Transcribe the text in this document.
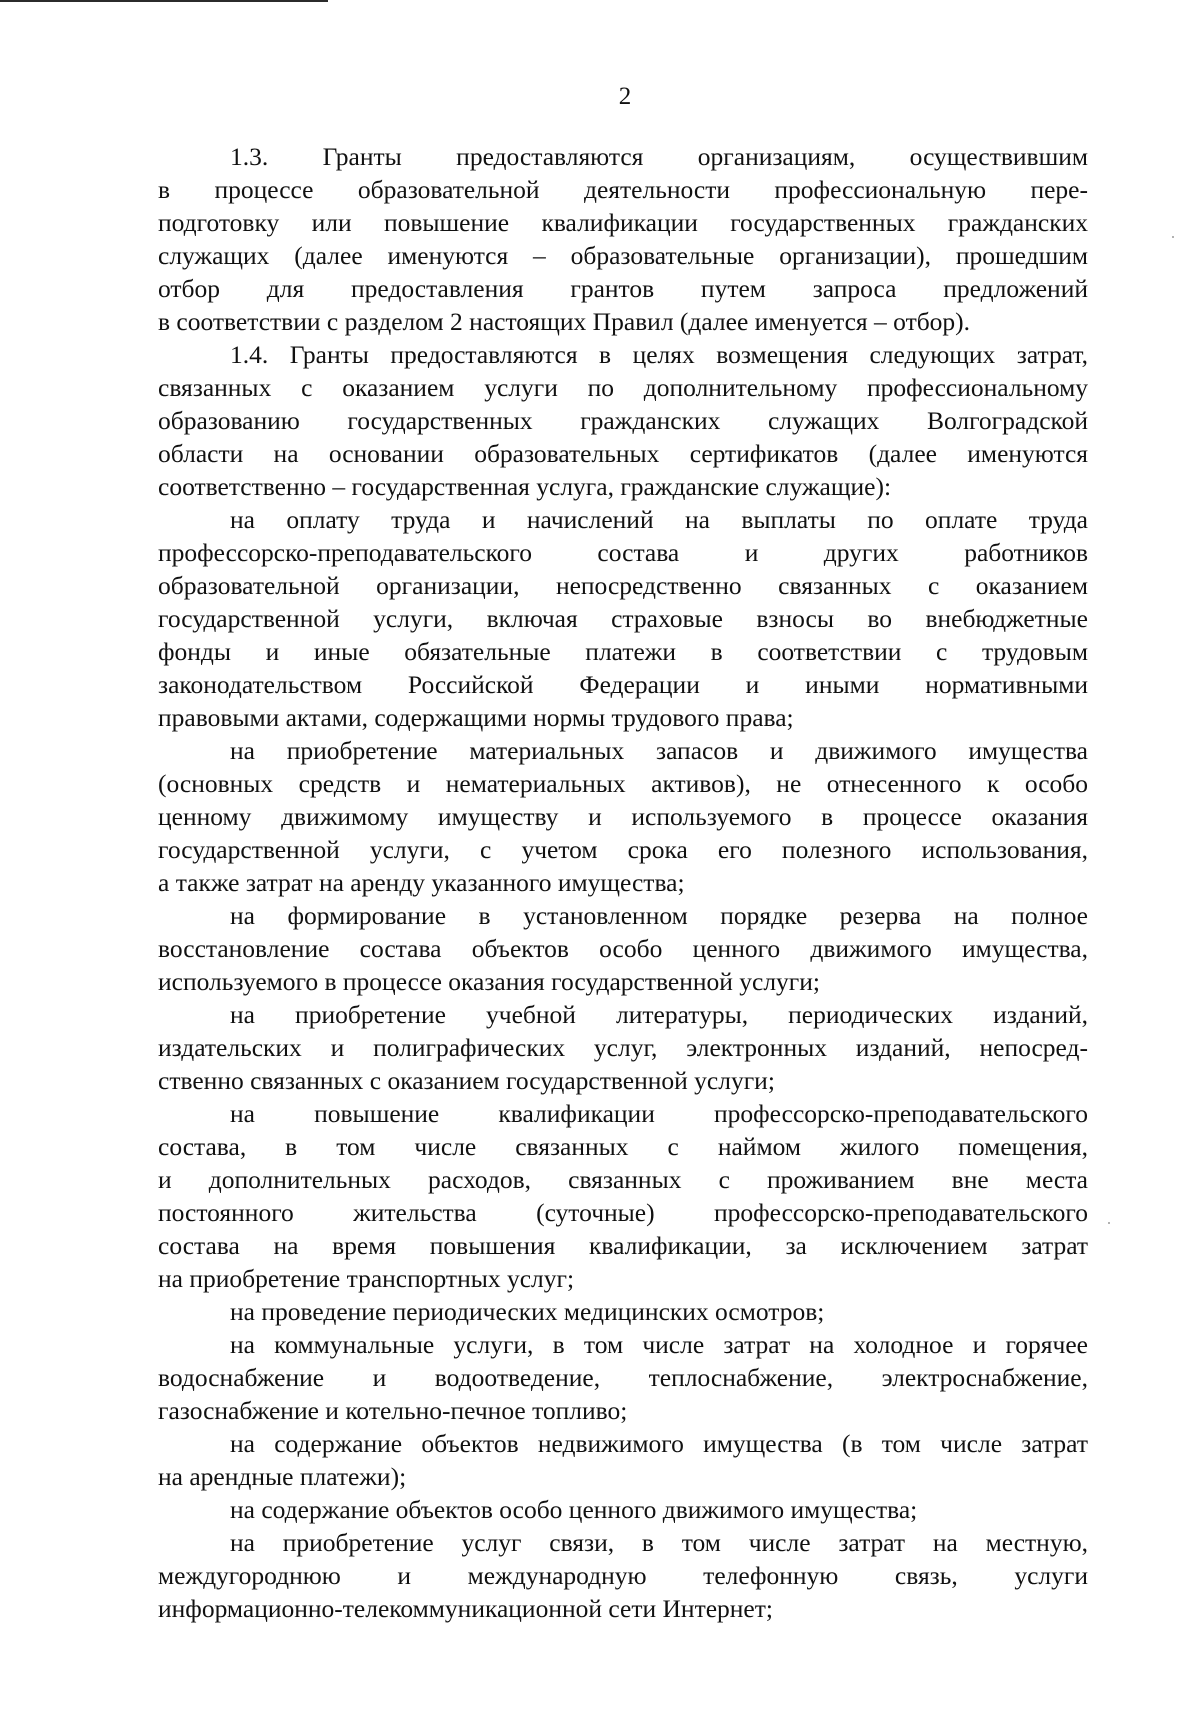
2
1.3. Гранты предоставляются организациям, осуществившим
в процессе образовательной деятельности профессиональную пере-
подготовку или повышение квалификации государственных гражданских
служащих (далее именуются – образовательные организации), прошедшим
отбор для предоставления грантов путем запроса предложений
в соответствии с разделом 2 настоящих Правил (далее именуется – отбор).
1.4. Гранты предоставляются в целях возмещения следующих затрат,
связанных с оказанием услуги по дополнительному профессиональному
образованию государственных гражданских служащих Волгоградской
области на основании образовательных сертификатов (далее именуются
соответственно – государственная услуга, гражданские служащие):
на оплату труда и начислений на выплаты по оплате труда
профессорско-преподавательского состава и других работников
образовательной организации, непосредственно связанных с оказанием
государственной услуги, включая страховые взносы во внебюджетные
фонды и иные обязательные платежи в соответствии с трудовым
законодательством Российской Федерации и иными нормативными
правовыми актами, содержащими нормы трудового права;
на приобретение материальных запасов и движимого имущества
(основных средств и нематериальных активов), не отнесенного к особо
ценному движимому имуществу и используемого в процессе оказания
государственной услуги, с учетом срока его полезного использования,
а также затрат на аренду указанного имущества;
на формирование в установленном порядке резерва на полное
восстановление состава объектов особо ценного движимого имущества,
используемого в процессе оказания государственной услуги;
на приобретение учебной литературы, периодических изданий,
издательских и полиграфических услуг, электронных изданий, непосред-
ственно связанных с оказанием государственной услуги;
на повышение квалификации профессорско-преподавательского
состава, в том числе связанных с наймом жилого помещения,
и дополнительных расходов, связанных с проживанием вне места
постоянного жительства (суточные) профессорско-преподавательского
состава на время повышения квалификации, за исключением затрат
на приобретение транспортных услуг;
на проведение периодических медицинских осмотров;
на коммунальные услуги, в том числе затрат на холодное и горячее
водоснабжение и водоотведение, теплоснабжение, электроснабжение,
газоснабжение и котельно-печное топливо;
на содержание объектов недвижимого имущества (в том числе затрат
на арендные платежи);
на содержание объектов особо ценного движимого имущества;
на приобретение услуг связи, в том числе затрат на местную,
междугороднюю и международную телефонную связь, услуги
информационно-телекоммуникационной сети Интернет;
